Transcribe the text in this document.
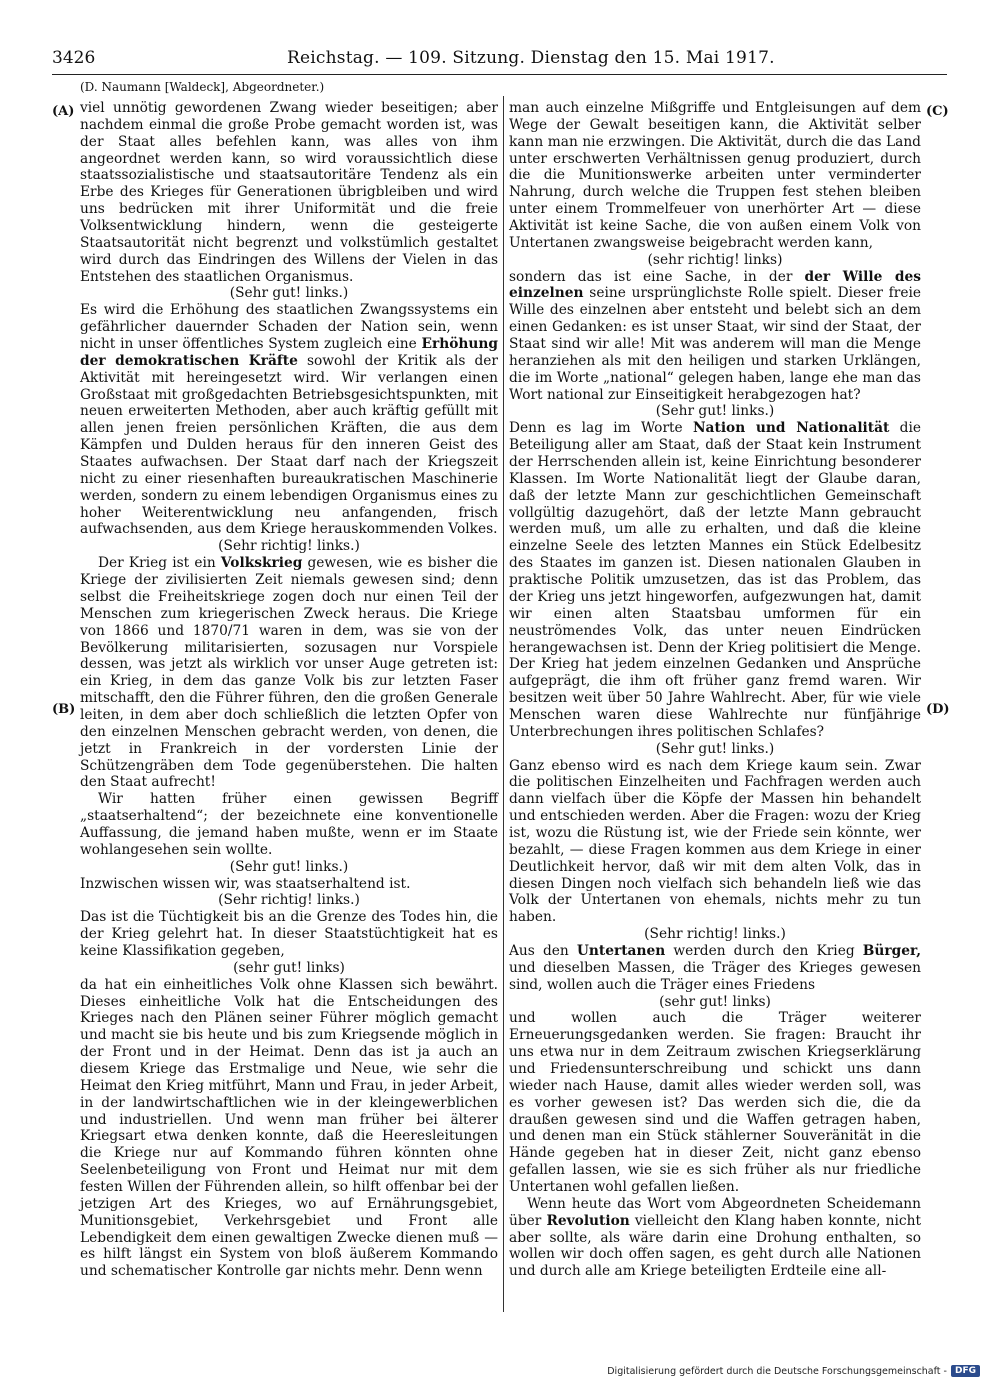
3426	Reichstag. — 109. Sitzung. Dienstag den 15. Mai 1917.
(D. Naumann [Waldeck], Abgeordneter.)
(A)
(B)
(C)
(D)

viel unnötig gewordenen Zwang wieder beseitigen; aber nachdem einmal die große Probe gemacht worden ist, was der Staat alles befehlen kann, was alles von ihm angeordnet werden kann, so wird voraussichtlich diese staatssozialistische und staatsautoritäre Tendenz als ein Erbe des Krieges für Generationen übrigbleiben und wird uns bedrücken mit ihrer Uniformität und die freie Volksentwicklung hindern, wenn die gesteigerte Staatsautorität nicht begrenzt und volkstümlich gestaltet wird durch das Eindringen des Willens der Vielen in das Entstehen des staatlichen Organismus.

(Sehr gut! links.)

Es wird die Erhöhung des staatlichen Zwangssystems ein gefährlicher dauernder Schaden der Nation sein, wenn nicht in unser öffentliches System zugleich eine Erhöhung der demokratischen Kräfte sowohl der Kritik als der Aktivität mit hereingesetzt wird. Wir verlangen einen Großstaat mit großgedachten Betriebsgesichtspunkten, mit neuen erweiterten Methoden, aber auch kräftig gefüllt mit allen jenen freien persönlichen Kräften, die aus dem Kämpfen und Dulden heraus für den inneren Geist des Staates aufwachsen. Der Staat darf nach der Kriegszeit nicht zu einer riesenhaften bureaukratischen Maschinerie werden, sondern zu einem lebendigen Organismus eines zu hoher Weiterentwicklung neu anfangenden, frisch aufwachsenden, aus dem Kriege herauskommenden Volkes.

(Sehr richtig! links.)

Der Krieg ist ein Volkskrieg gewesen, wie es bisher die Kriege der zivilisierten Zeit niemals gewesen sind; denn selbst die Freiheitskriege zogen doch nur einen Teil der Menschen zum kriegerischen Zweck heraus. Die Kriege von 1866 und 1870/71 waren in dem, was sie von der Bevölkerung militarisierten, sozusagen nur Vorspiele dessen, was jetzt als wirklich vor unser Auge getreten ist: ein Krieg, in dem das ganze Volk bis zur letzten Faser mitschafft, den die Führer führen, den die großen Generale leiten, in dem aber doch schließlich die letzten Opfer von den einzelnen Menschen gebracht werden, von denen, die jetzt in Frankreich in der vordersten Linie der Schützengräben dem Tode gegenüberstehen. Die halten den Staat aufrecht!

Wir hatten früher einen gewissen Begriff „staatserhaltend“; der bezeichnete eine konventionelle Auffassung, die jemand haben mußte, wenn er im Staate wohlangesehen sein wollte.

(Sehr gut! links.)

Inzwischen wissen wir, was staatserhaltend ist.

(Sehr richtig! links.)

Das ist die Tüchtigkeit bis an die Grenze des Todes hin, die der Krieg gelehrt hat. In dieser Staatstüchtigkeit hat es keine Klassifikation gegeben,

(sehr gut! links)

da hat ein einheitliches Volk ohne Klassen sich bewährt. Dieses einheitliche Volk hat die Entscheidungen des Krieges nach den Plänen seiner Führer möglich gemacht und macht sie bis heute und bis zum Kriegsende möglich in der Front und in der Heimat. Denn das ist ja auch an diesem Kriege das Erstmalige und Neue, wie sehr die Heimat den Krieg mitführt, Mann und Frau, in jeder Arbeit, in der landwirtschaftlichen wie in der kleingewerblichen und industriellen. Und wenn man früher bei älterer Kriegsart etwa denken konnte, daß die Heeresleitungen die Kriege nur auf Kommando führen könnten ohne Seelenbeteiligung von Front und Heimat nur mit dem festen Willen der Führenden allein, so hilft offenbar bei der jetzigen Art des Krieges, wo auf Ernährungsgebiet, Munitionsgebiet, Verkehrsgebiet und Front alle Lebendigkeit dem einen gewaltigen Zwecke dienen muß — es hilft längst ein System von bloß äußerem Kommando und schematischer Kontrolle gar nichts mehr. Denn wenn

man auch einzelne Mißgriffe und Entgleisungen auf dem Wege der Gewalt beseitigen kann, die Aktivität selber kann man nie erzwingen. Die Aktivität, durch die das Land unter erschwerten Verhältnissen genug produziert, durch die die Munitionswerke arbeiten unter verminderter Nahrung, durch welche die Truppen fest stehen bleiben unter einem Trommelfeuer von unerhörter Art — diese Aktivität ist keine Sache, die von außen einem Volk von Untertanen zwangsweise beigebracht werden kann,

(sehr richtig! links)

sondern das ist eine Sache, in der der Wille des einzelnen seine ursprünglichste Rolle spielt. Dieser freie Wille des einzelnen aber entsteht und belebt sich an dem einen Gedanken: es ist unser Staat, wir sind der Staat, der Staat sind wir alle! Mit was anderem will man die Menge heranziehen als mit den heiligen und starken Urklängen, die im Worte „national“ gelegen haben, lange ehe man das Wort national zur Einseitigkeit herabgezogen hat?

(Sehr gut! links.)

Denn es lag im Worte Nation und Nationalität die Beteiligung aller am Staat, daß der Staat kein Instrument der Herrschenden allein ist, keine Einrichtung besonderer Klassen. Im Worte Nationalität liegt der Glaube daran, daß der letzte Mann zur geschichtlichen Gemeinschaft vollgültig dazugehört, daß der letzte Mann gebraucht werden muß, um alle zu erhalten, und daß die kleine einzelne Seele des letzten Mannes ein Stück Edelbesitz des Staates im ganzen ist. Diesen nationalen Glauben in praktische Politik umzusetzen, das ist das Problem, das der Krieg uns jetzt hingeworfen, aufgezwungen hat, damit wir einen alten Staatsbau umformen für ein neuströmendes Volk, das unter neuen Eindrücken herangewachsen ist. Denn der Krieg politisiert die Menge. Der Krieg hat jedem einzelnen Gedanken und Ansprüche aufgeprägt, die ihm oft früher ganz fremd waren. Wir besitzen weit über 50 Jahre Wahlrecht. Aber, für wie viele Menschen waren diese Wahlrechte nur fünfjährige Unterbrechungen ihres politischen Schlafes?

(Sehr gut! links.)

Ganz ebenso wird es nach dem Kriege kaum sein. Zwar die politischen Einzelheiten und Fachfragen werden auch dann vielfach über die Köpfe der Massen hin behandelt und entschieden werden. Aber die Fragen: wozu der Krieg ist, wozu die Rüstung ist, wie der Friede sein könnte, wer bezahlt, — diese Fragen kommen aus dem Kriege in einer Deutlichkeit hervor, daß wir mit dem alten Volk, das in diesen Dingen noch vielfach sich behandeln ließ wie das Volk der Untertanen von ehemals, nichts mehr zu tun haben.

(Sehr richtig! links.)

Aus den Untertanen werden durch den Krieg Bürger, und dieselben Massen, die Träger des Krieges gewesen sind, wollen auch die Träger eines Friedens

(sehr gut! links)

und wollen auch die Träger weiterer Erneuerungsgedanken werden. Sie fragen: Braucht ihr uns etwa nur in dem Zeitraum zwischen Kriegserklärung und Friedensunterschreibung und schickt uns dann wieder nach Hause, damit alles wieder werden soll, was es vorher gewesen ist? Das werden sich die, die da draußen gewesen sind und die Waffen getragen haben, und denen man ein Stück stählerner Souveränität in die Hände gegeben hat in dieser Zeit, nicht ganz ebenso gefallen lassen, wie sie es sich früher als nur friedliche Untertanen wohl gefallen ließen.

Wenn heute das Wort vom Abgeordneten Scheidemann über Revolution vielleicht den Klang haben konnte, nicht aber sollte, als wäre darin eine Drohung enthalten, so wollen wir doch offen sagen, es geht durch alle Nationen und durch alle am Kriege beteiligten Erdteile eine all-

Digitalisierung gefördert durch die Deutsche Forschungsgemeinschaft - DFG
